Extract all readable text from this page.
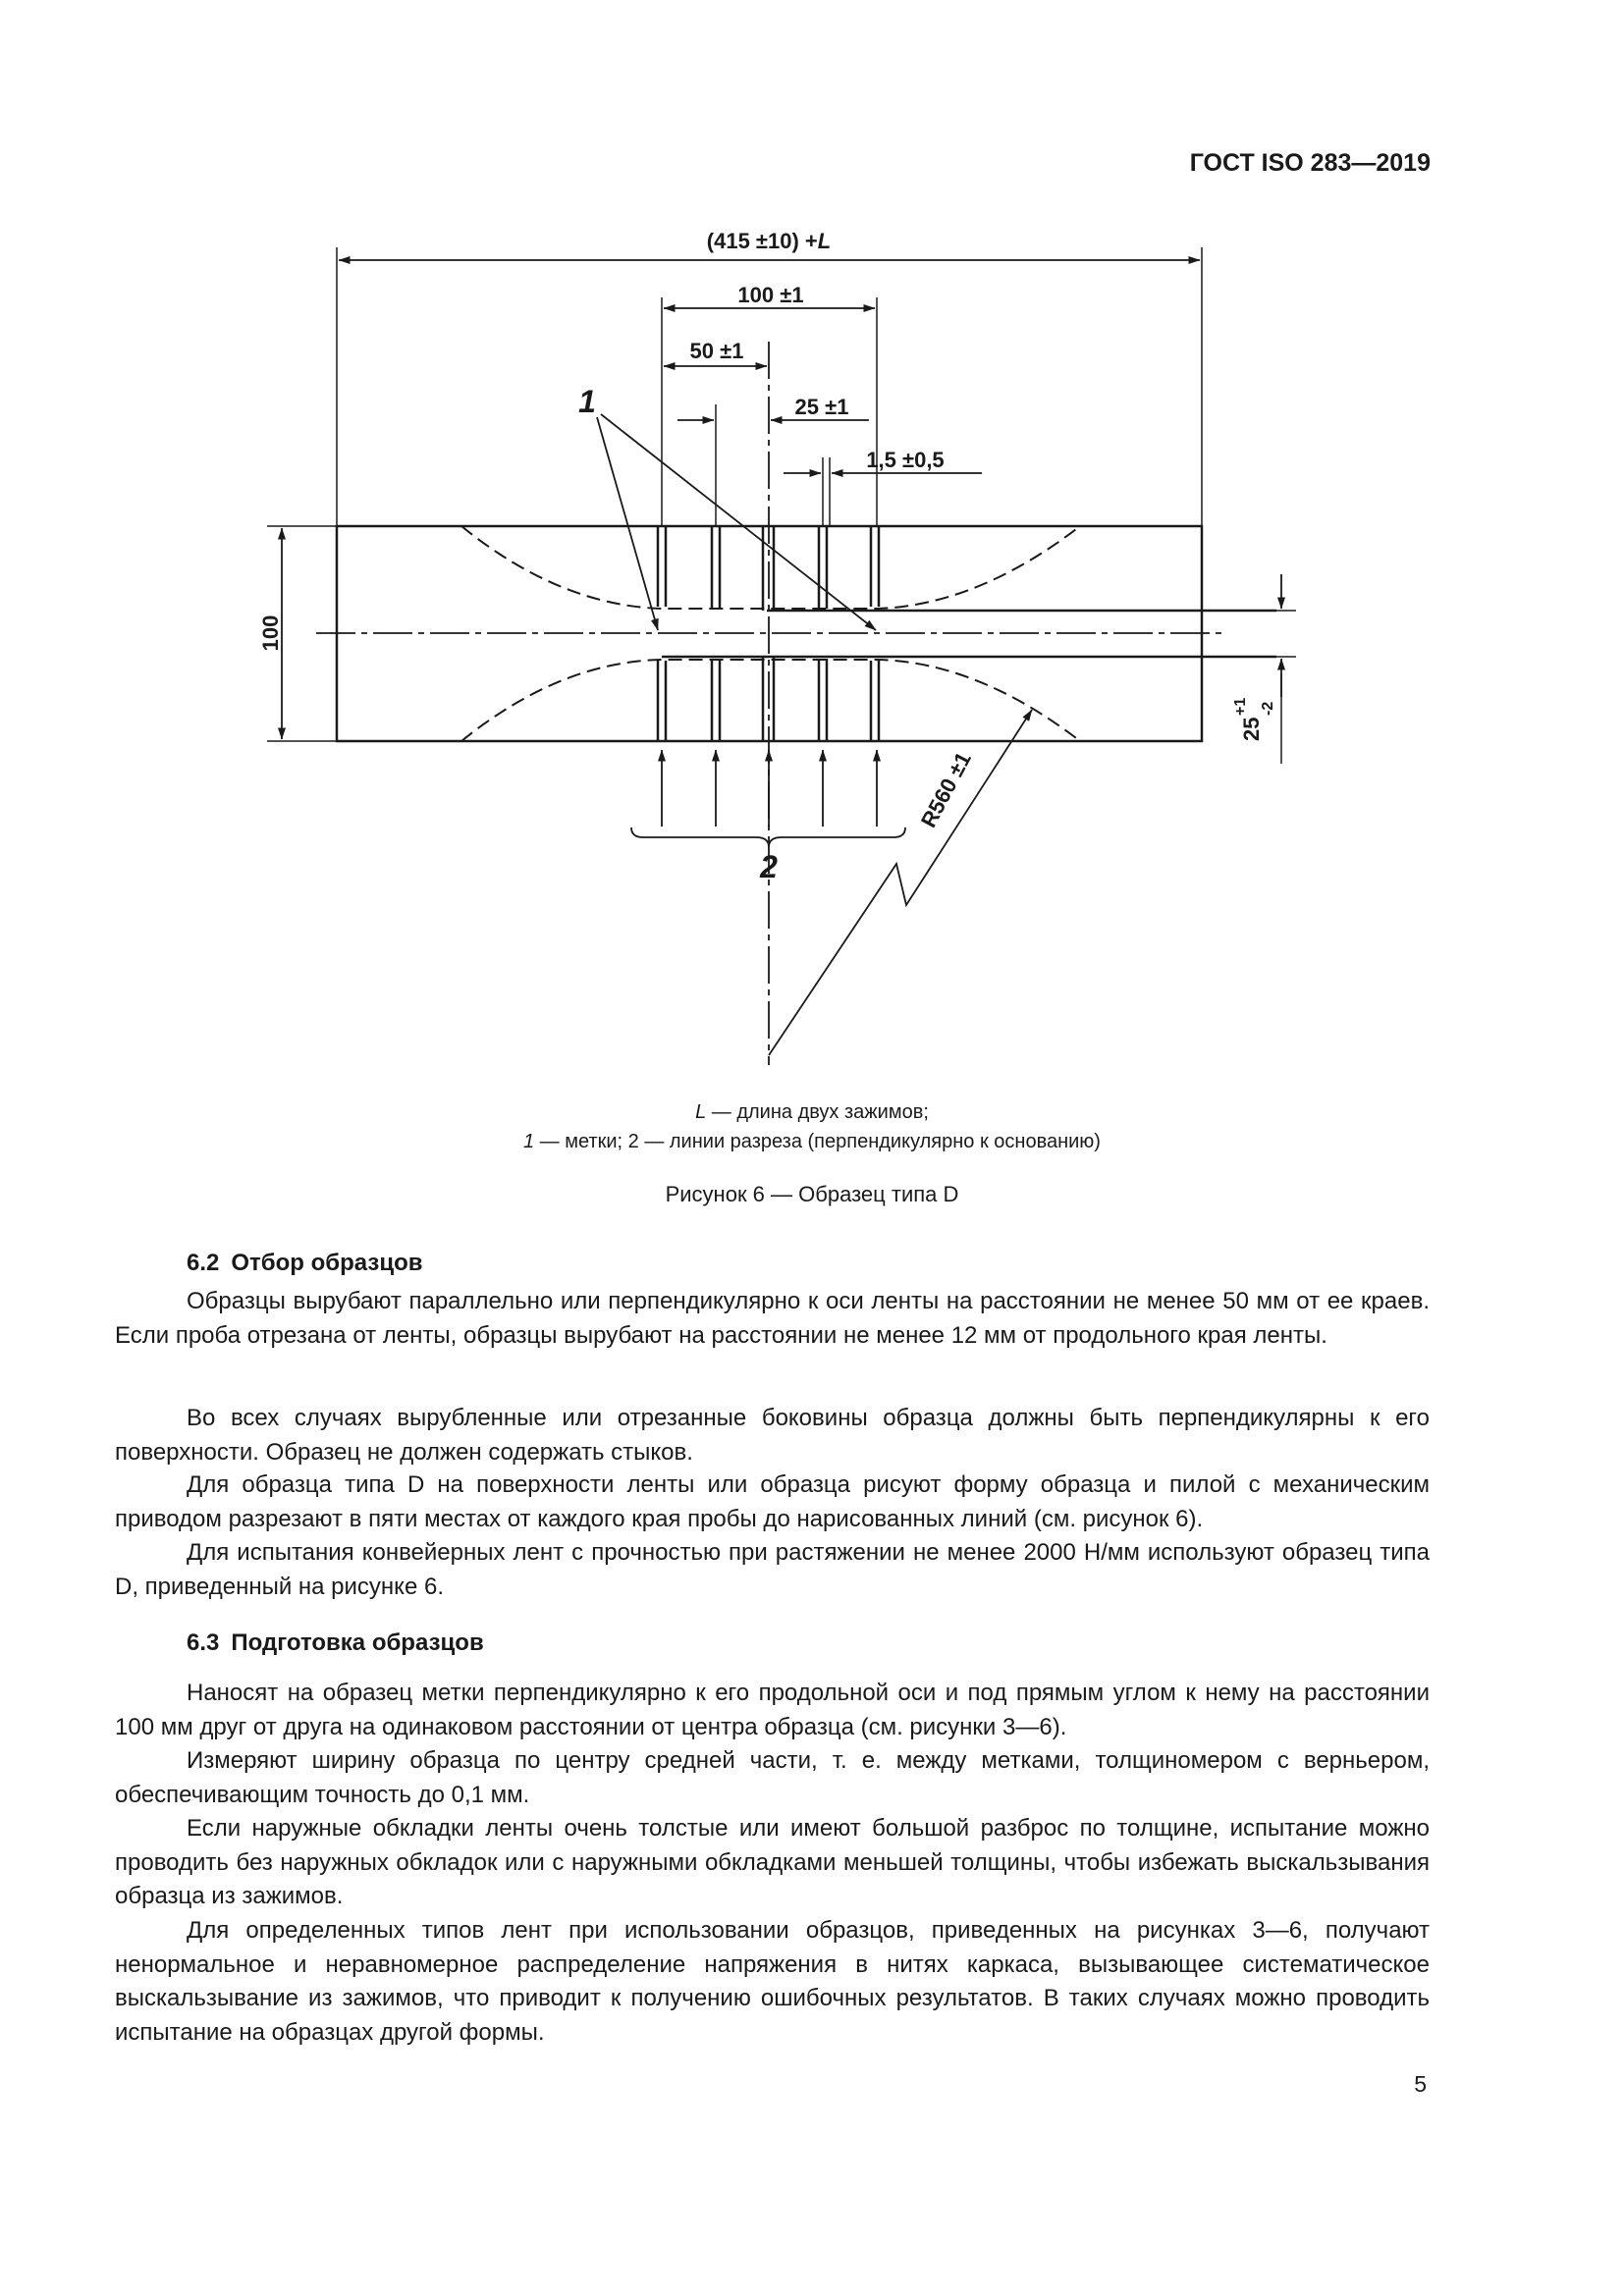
ГОСТ ISO 283—2019
(415 ±10) +L
100 ±1
50 ±1
25 ±1
1,5 ±0,5
100
25
+1 -2
R560 ±1
1
2
L — длина двух зажимов;
1 — метки; 2 — линии разреза (перпендикулярно к основанию)
Рисунок 6 — Образец типа D
6.2 Отбор образцов

Образцы вырубают параллельно или перпендикулярно к оси ленты на расстоянии не менее 50 мм от ее краев. Если проба отрезана от ленты, образцы вырубают на расстоянии не менее 12 мм от продольного края ленты.

Во всех случаях вырубленные или отрезанные боковины образца должны быть перпендикулярны к его поверхности. Образец не должен содержать стыков.

Для образца типа D на поверхности ленты или образца рисуют форму образца и пилой с механическим приводом разрезают в пяти местах от каждого края пробы до нарисованных линий (см. рисунок 6).

Для испытания конвейерных лент с прочностью при растяжении не менее 2000 Н/мм используют образец типа D, приведенный на рисунке 6.

6.3 Подготовка образцов

Наносят на образец метки перпендикулярно к его продольной оси и под прямым углом к нему на расстоянии 100 мм друг от друга на одинаковом расстоянии от центра образца (см. рисунки 3—6).

Измеряют ширину образца по центру средней части, т. е. между метками, толщиномером с верньером, обеспечивающим точность до 0,1 мм.

Если наружные обкладки ленты очень толстые или имеют большой разброс по толщине, испытание можно проводить без наружных обкладок или с наружными обкладками меньшей толщины, чтобы избежать выскальзывания образца из зажимов.

Для определенных типов лент при использовании образцов, приведенных на рисунках 3—6, получают ненормальное и неравномерное распределение напряжения в нитях каркаса, вызывающее систематическое выскальзывание из зажимов, что приводит к получению ошибочных результатов. В таких случаях можно проводить испытание на образцах другой формы.

5
